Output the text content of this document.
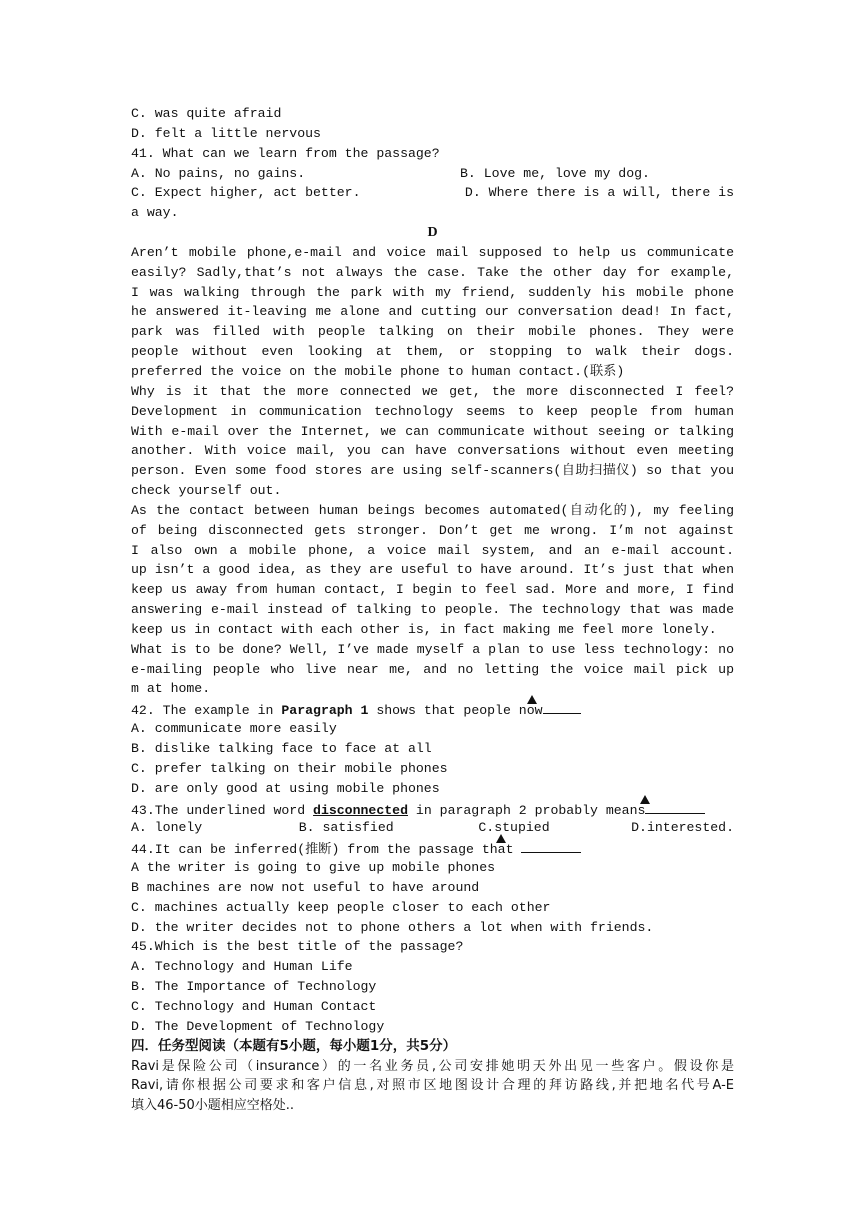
C. was quite afraid
D. felt a little nervous
41. What can we learn from the passage?
A. No pains, no gains.	B. Love me, love my dog.
C. Expect higher, act better.	D. Where there is a will, there is
a way.
D
Aren’t mobile phone,e-mail and voice mail supposed to help us communicate
easily? Sadly,that’s not always the case. Take the other day for example,
I was walking through the park with my friend, suddenly his mobile phone
he answered it-leaving me alone and cutting our conversation dead! In fact,
park was filled with people talking on their mobile phones. They were
people without even looking at them, or stopping to walk their dogs.
preferred the voice on the mobile phone to human contact.(联系)
Why is it that the more connected we get, the more disconnected I feel?
Development in communication technology seems to keep people from human
With e-mail over the Internet, we can communicate without seeing or talking
another. With voice mail, you can have conversations without even meeting
person. Even some food stores are using self-scanners(自助扫描仪) so that you
check yourself out.
As the contact between human beings becomes automated(自动化的), my feeling
of being disconnected gets stronger. Don’t get me wrong. I’m not against
I also own a mobile phone, a voice mail system, and an e-mail account.
up isn’t a good idea, as they are useful to have around. It’s just that when
keep us away from human contact, I begin to feel sad. More and more, I find
answering e-mail instead of talking to people. The technology that was made
keep us in contact with each other is, in fact making me feel more lonely.
What is to be done? Well, I’ve made myself a plan to use less technology: no
e-mailing people who live near me, and no letting the voice mail pick up
m at home.
42. The example in Paragraph 1 shows that people now
A. communicate more easily
B. dislike talking face to face at all
C. prefer talking on their mobile phones
D. are only good at using mobile phones
43.The underlined word disconnected in paragraph 2 probably means
A. lonely	B. satisfied	C.stupied	D.interested.
44.It can be inferred(推断) from the passage that
A the writer is going to give up mobile phones
B machines are now not useful to have around
C. machines actually keep people closer to each other
D. the writer decides not to phone others a lot when with friends.
45.Which is the best title of the passage?
A. Technology and Human Life
B. The Importance of Technology
C. Technology and Human Contact
D. The Development of Technology
四．任务型阅读（本题有5小题，每小题1分，共5分）
Ravi是保险公司（insurance）的一名业务员,公司安排她明天外出见一些客户。假设你是
Ravi,请你根据公司要求和客户信息,对照市区地图设计合理的拜访路线,并把地名代号A-E
填入46-50小题相应空格处..
